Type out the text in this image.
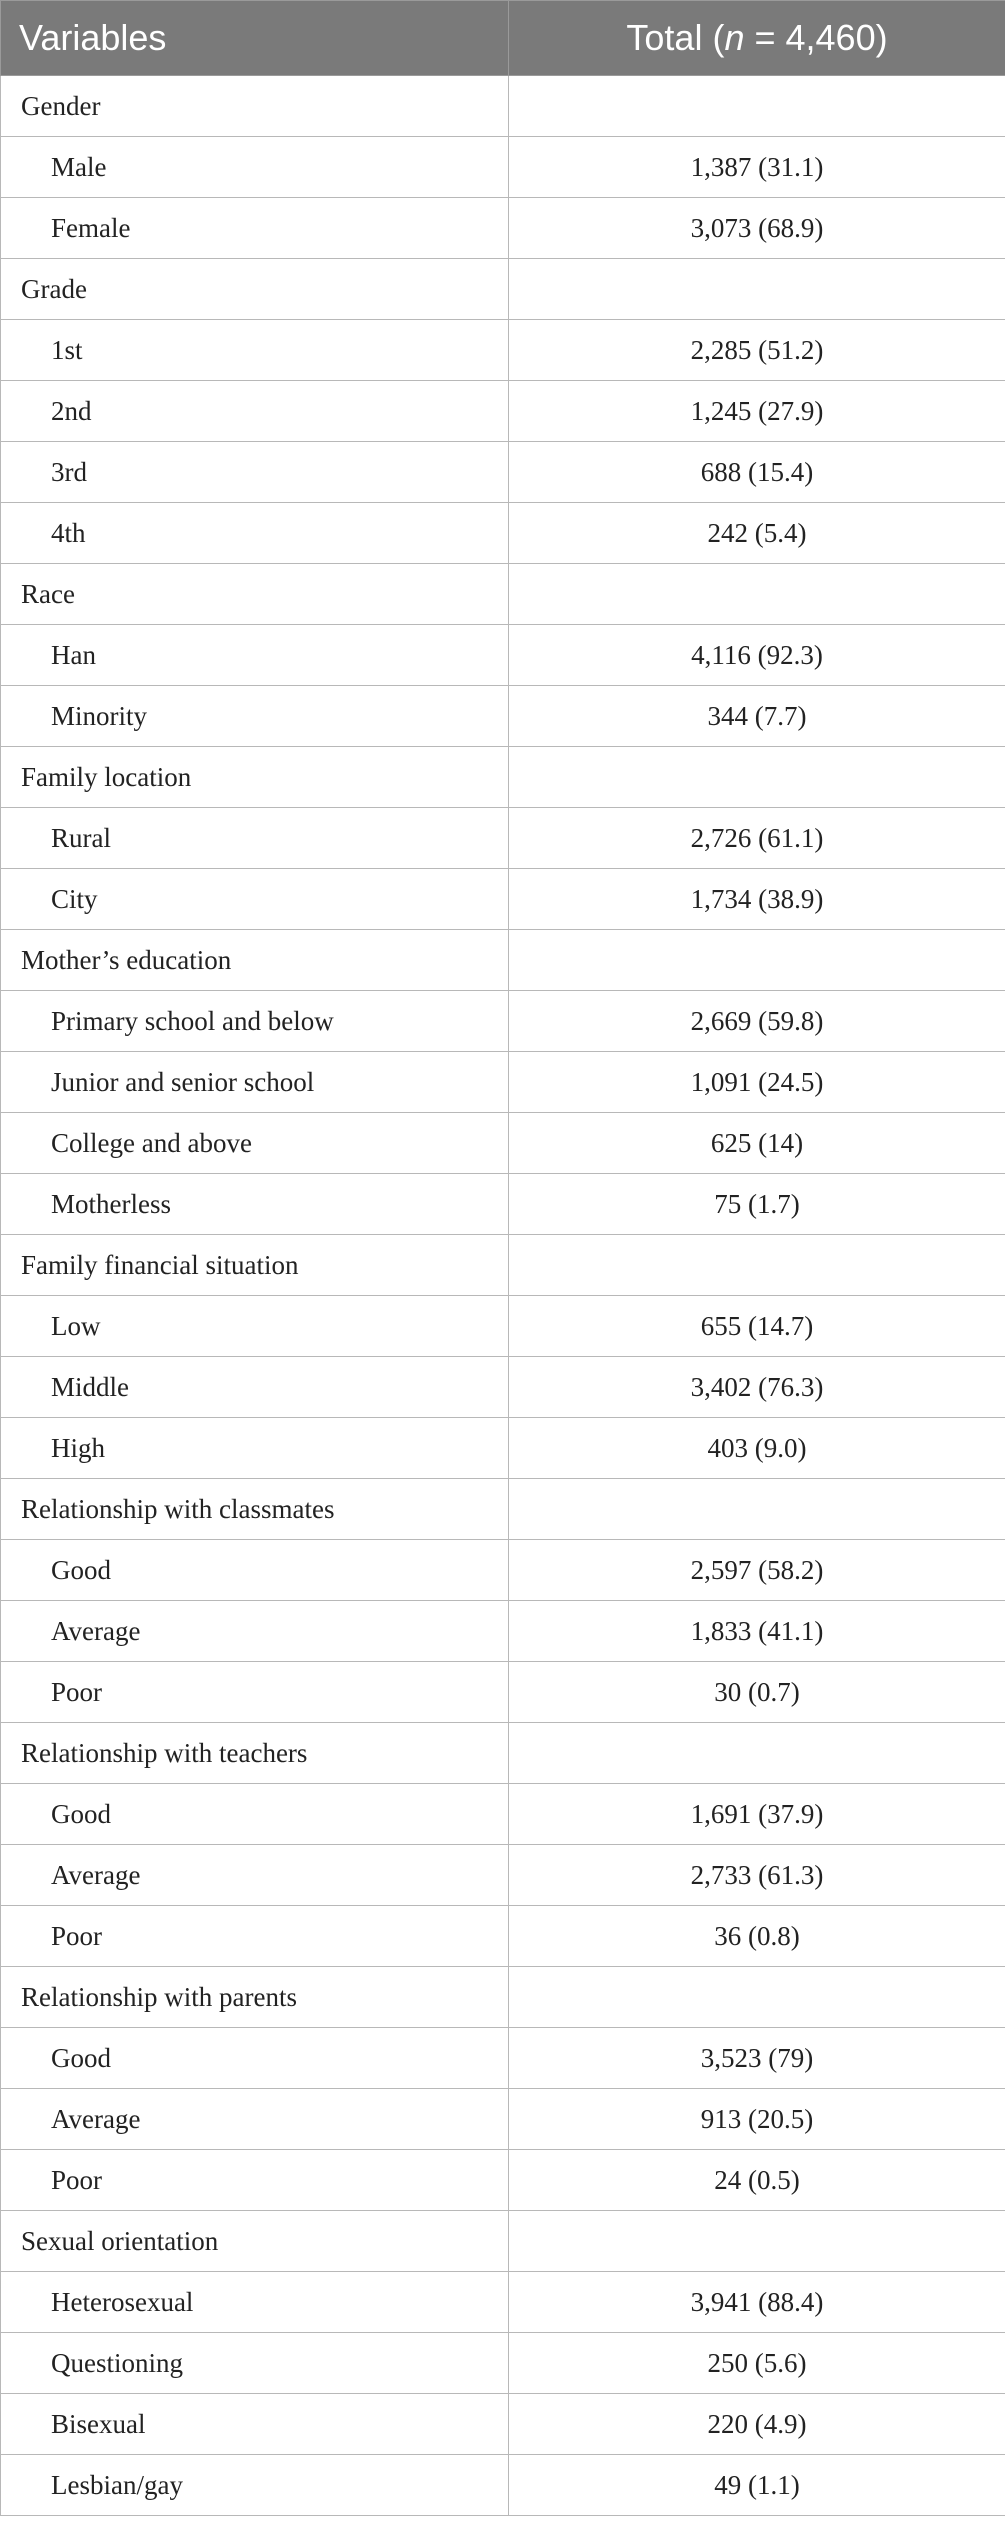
Variables	Total (n = 4,460)
Gender	
Male	1,387 (31.1)
Female	3,073 (68.9)
Grade	
1st	2,285 (51.2)
2nd	1,245 (27.9)
3rd	688 (15.4)
4th	242 (5.4)
Race	
Han	4,116 (92.3)
Minority	344 (7.7)
Family location	
Rural	2,726 (61.1)
City	1,734 (38.9)
Mother’s education	
Primary school and below	2,669 (59.8)
Junior and senior school	1,091 (24.5)
College and above	625 (14)
Motherless	75 (1.7)
Family financial situation	
Low	655 (14.7)
Middle	3,402 (76.3)
High	403 (9.0)
Relationship with classmates	
Good	2,597 (58.2)
Average	1,833 (41.1)
Poor	30 (0.7)
Relationship with teachers	
Good	1,691 (37.9)
Average	2,733 (61.3)
Poor	36 (0.8)
Relationship with parents	
Good	3,523 (79)
Average	913 (20.5)
Poor	24 (0.5)
Sexual orientation	
Heterosexual	3,941 (88.4)
Questioning	250 (5.6)
Bisexual	220 (4.9)
Lesbian/gay	49 (1.1)
